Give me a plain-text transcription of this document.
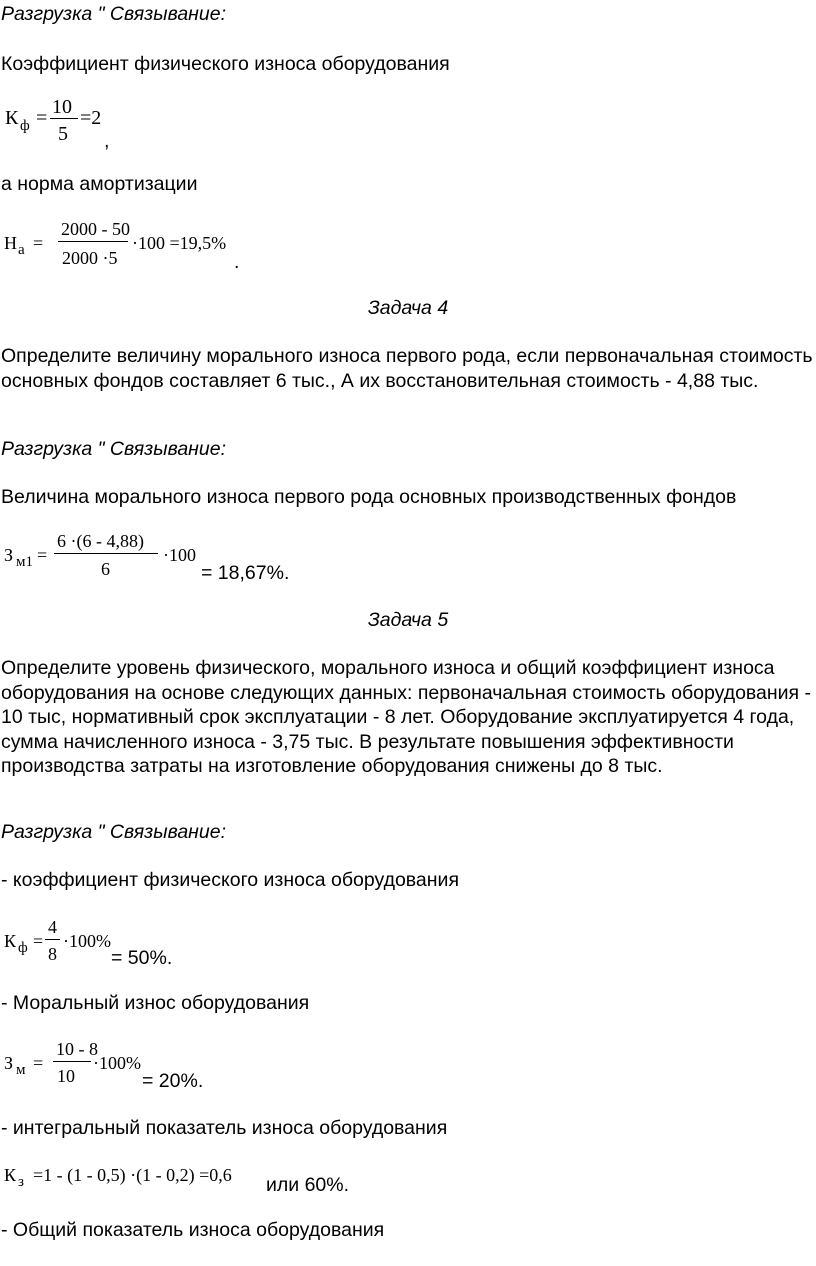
Разгрузка " Связывание:
Коэффициент физического износа оборудования
К ф = 10
5
=2
,
а норма амортизации
Н а =
2000 - 50
2000 ·5
·100 =19,5%
.
Задача 4
Определите величину морального износа первого рода, если первоначальная стоимость основных фондов составляет 6 тыс., А их восстановительная стоимость - 4,88 тыс.
Разгрузка " Связывание:
Величина морального износа первого рода основных производственных фондов
З м1 =
6 ·(6 - 4,88)
6
·100
= 18,67%.
Задача 5
Определите уровень физического, морального износа и общий коэффициент износа оборудования на основе следующих данных: первоначальная стоимость оборудования - 10 тыс, нормативный срок эксплуатации - 8 лет. Оборудование эксплуатируется 4 года, сумма начисленного износа - 3,75 тыс. В результате повышения эффективности производства затраты на изготовление оборудования снижены до 8 тыс.
Разгрузка " Связывание:
- коэффициент физического износа оборудования
К ф =
4
8
·100%
= 50%.
- Моральный износ оборудования
З м =
10 - 8
10
·100%
= 20%.
- интегральный показатель износа оборудования
К з =1 - (1 - 0,5) ·(1 - 0,2) =0,6 или 60%.
- Общий показатель износа оборудования
